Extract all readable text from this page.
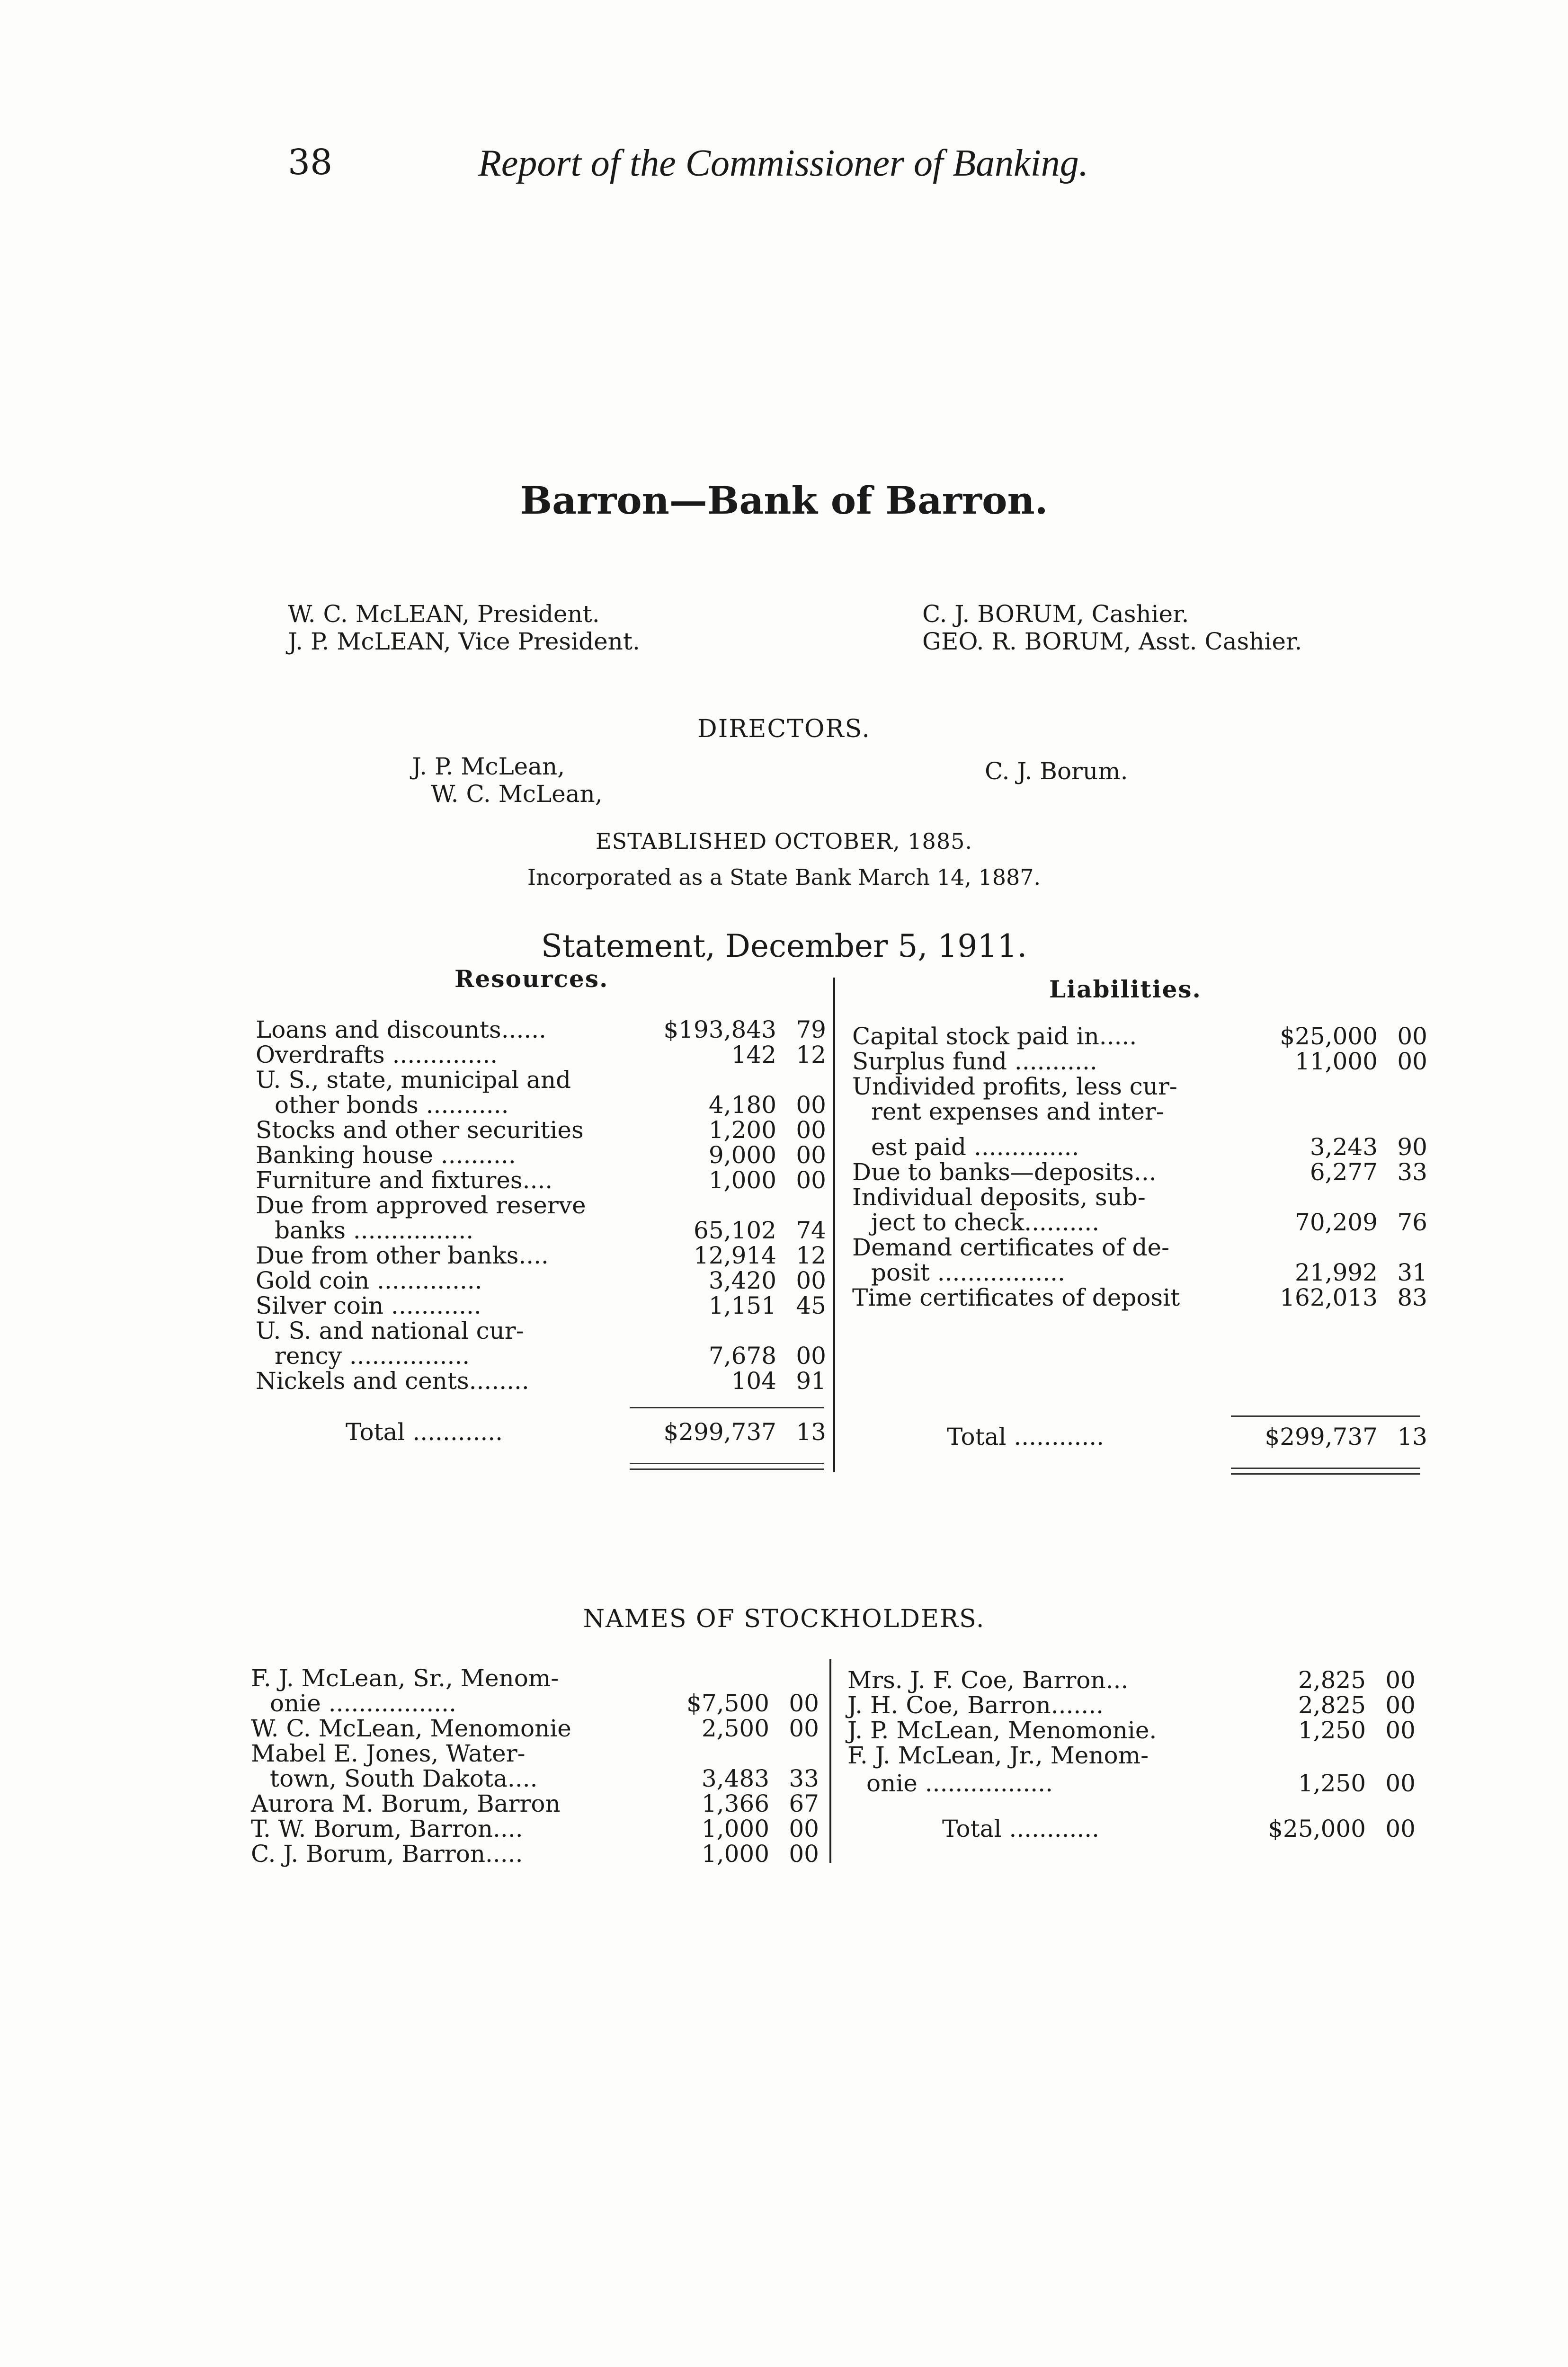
38	Report of the Commissioner of Banking.
Barron—Bank of Barron.
W. C. McLEAN, President.
J. P. McLEAN, Vice President.
C. J. BORUM, Cashier.
GEO. R. BORUM, Asst. Cashier.
DIRECTORS.
J. P. McLean,
W. C. McLean,
C. J. Borum.
ESTABLISHED OCTOBER, 1885.
Incorporated as a State Bank March 14, 1887.
Statement, December 5, 1911.
Resources.	Liabilities.
Loans and discounts......	$193,843 79
Overdrafts ..............	142 12
U. S., state, municipal and
other bonds ...........	4,180 00
Stocks and other securities	1,200 00
Banking house ..........	9,000 00
Furniture and fixtures....	1,000 00
Due from approved reserve
banks ................	65,102 74
Due from other banks....	12,914 12
Gold coin ..............	3,420 00
Silver coin ............	1,151 45
U. S. and national cur-
rency ................	7,678 00
Nickels and cents........	104 91
Total ............	$299,737 13
Capital stock paid in.....	$25,000 00
Surplus fund ...........	11,000 00
Undivided profits, less cur-
rent expenses and inter-
est paid ..............	3,243 90
Due to banks—deposits...	6,277 33
Individual deposits, sub-
ject to check..........	70,209 76
Demand certificates of de-
posit .................	21,992 31
Time certificates of deposit	162,013 83
Total ............	$299,737 13
NAMES OF STOCKHOLDERS.
F. J. McLean, Sr., Menom-
onie .................	$7,500 00
W. C. McLean, Menomonie	2,500 00
Mabel E. Jones, Water-
town, South Dakota....	3,483 33
Aurora M. Borum, Barron	1,366 67
T. W. Borum, Barron....	1,000 00
C. J. Borum, Barron.....	1,000 00
Mrs. J. F. Coe, Barron...	2,825 00
J. H. Coe, Barron.......	2,825 00
J. P. McLean, Menomonie.	1,250 00
F. J. McLean, Jr., Menom-
onie .................	1,250 00
Total ............	$25,000 00
